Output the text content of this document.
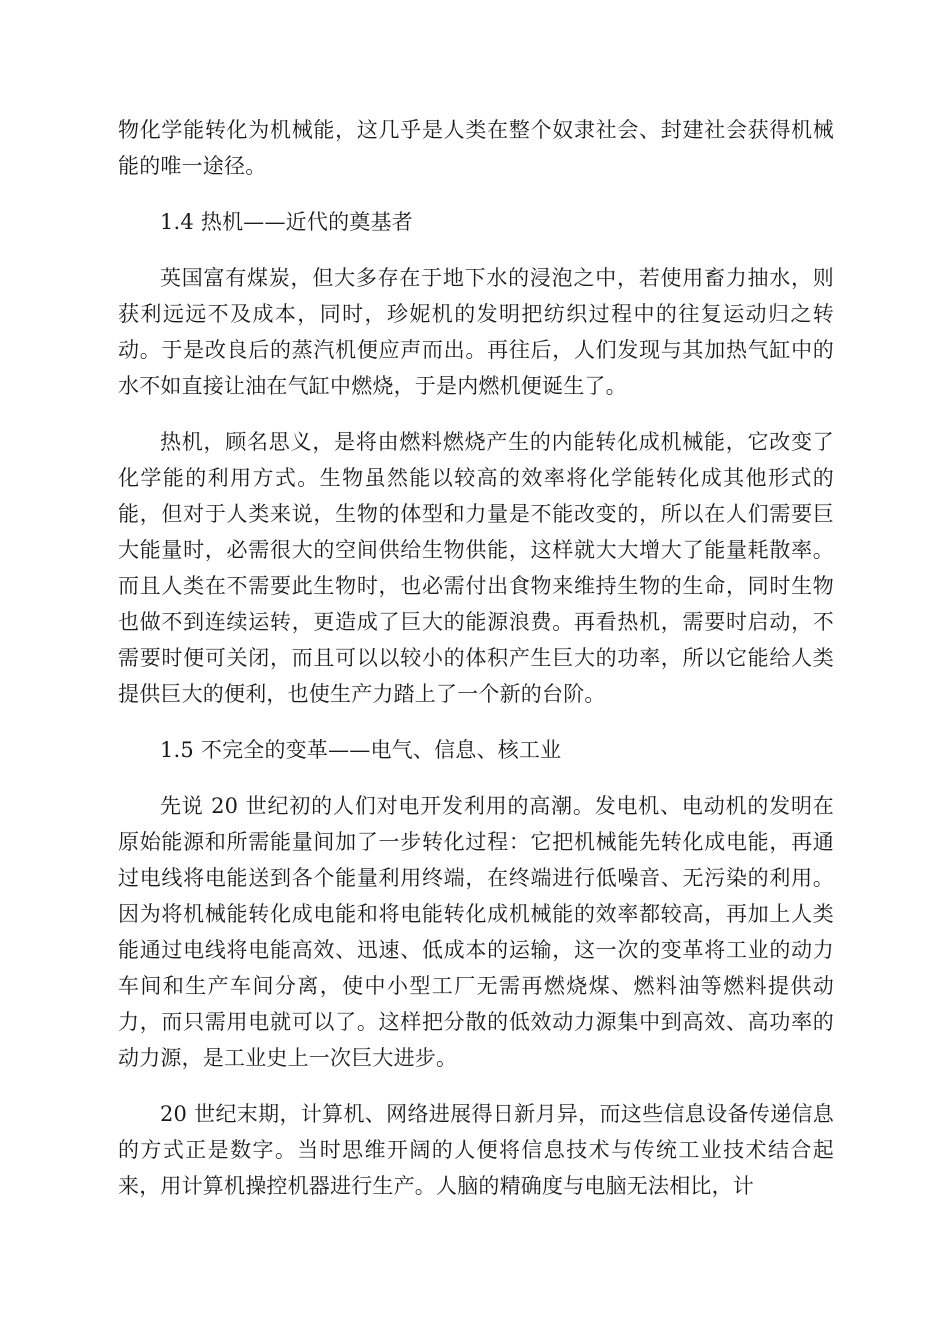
物化学能转化为机械能，这几乎是人类在整个奴隶社会、封建社会获得机械能的唯一途径。

1.4 热机——近代的奠基者

英国富有煤炭，但大多存在于地下水的浸泡之中，若使用畜力抽水，则获利远远不及成本，同时，珍妮机的发明把纺织过程中的往复运动归之转动。于是改良后的蒸汽机便应声而出。再往后，人们发现与其加热气缸中的水不如直接让油在气缸中燃烧，于是内燃机便诞生了。

热机，顾名思义，是将由燃料燃烧产生的内能转化成机械能，它改变了化学能的利用方式。生物虽然能以较高的效率将化学能转化成其他形式的能，但对于人类来说，生物的体型和力量是不能改变的，所以在人们需要巨大能量时，必需很大的空间供给生物供能，这样就大大增大了能量耗散率。而且人类在不需要此生物时，也必需付出食物来维持生物的生命，同时生物也做不到连续运转，更造成了巨大的能源浪费。再看热机，需要时启动，不需要时便可关闭，而且可以以较小的体积产生巨大的功率，所以它能给人类提供巨大的便利，也使生产力踏上了一个新的台阶。

1.5 不完全的变革——电气、信息、核工业

先说 20 世纪初的人们对电开发利用的高潮。发电机、电动机的发明在原始能源和所需能量间加了一步转化过程：它把机械能先转化成电能，再通过电线将电能送到各个能量利用终端，在终端进行低噪音、无污染的利用。因为将机械能转化成电能和将电能转化成机械能的效率都较高，再加上人类能通过电线将电能高效、迅速、低成本的运输，这一次的变革将工业的动力车间和生产车间分离，使中小型工厂无需再燃烧煤、燃料油等燃料提供动力，而只需用电就可以了。这样把分散的低效动力源集中到高效、高功率的动力源，是工业史上一次巨大进步。

20 世纪末期，计算机、网络进展得日新月异，而这些信息设备传递信息的方式正是数字。当时思维开阔的人便将信息技术与传统工业技术结合起来，用计算机操控机器进行生产。人脑的精确度与电脑无法相比，计
